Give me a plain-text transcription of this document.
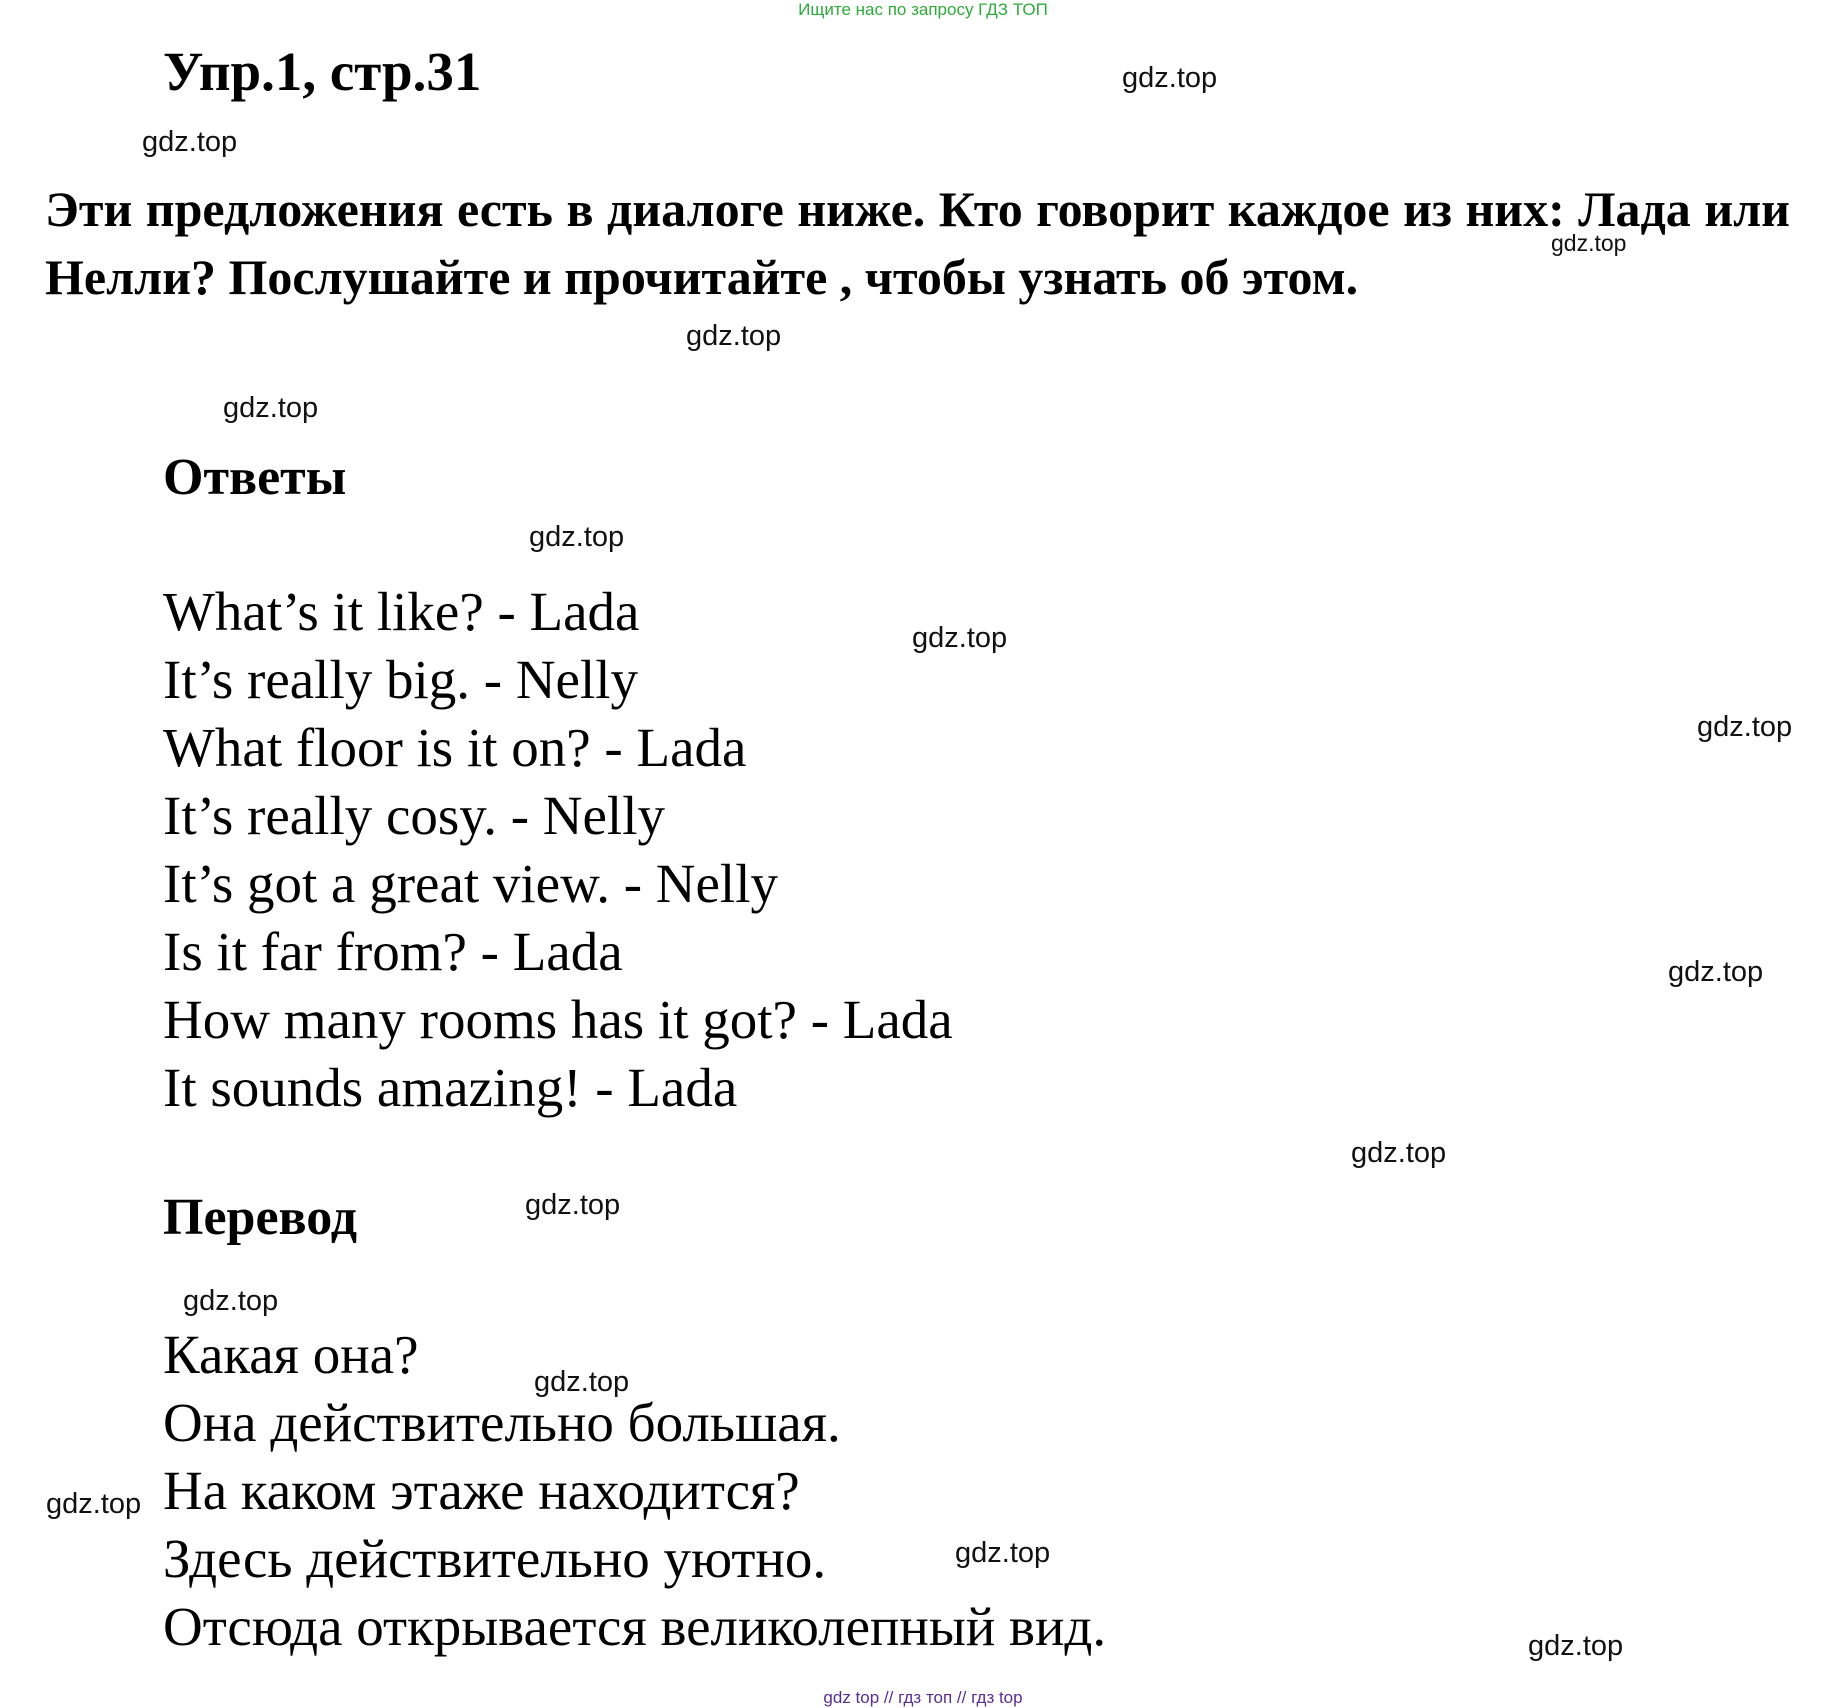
Ищите нас по запросу ГДЗ ТОП
Упр.1, стр.31
Эти предложения есть в диалоге ниже. Кто говорит каждое из них: Лада или Нелли? Послушайте и прочитайте , чтобы узнать об этом.
Ответы
What’s it like? - Lada
It’s really big. - Nelly
What floor is it on? - Lada
It’s really cosy. - Nelly
It’s got a great view. - Nelly
Is it far from? - Lada
How many rooms has it got? - Lada
It sounds amazing! - Lada
Перевод
Какая она?
Она действительно большая.
На каком этаже находится?
Здесь действительно уютно.
Отсюда открывается великолепный вид.
gdz.top
gdz.top
gdz.top
gdz.top
gdz.top
gdz.top
gdz.top
gdz.top
gdz.top
gdz.top
gdz.top
gdz.top
gdz.top
gdz.top
gdz.top
gdz.top
gdz top // гдз топ // гдз top
